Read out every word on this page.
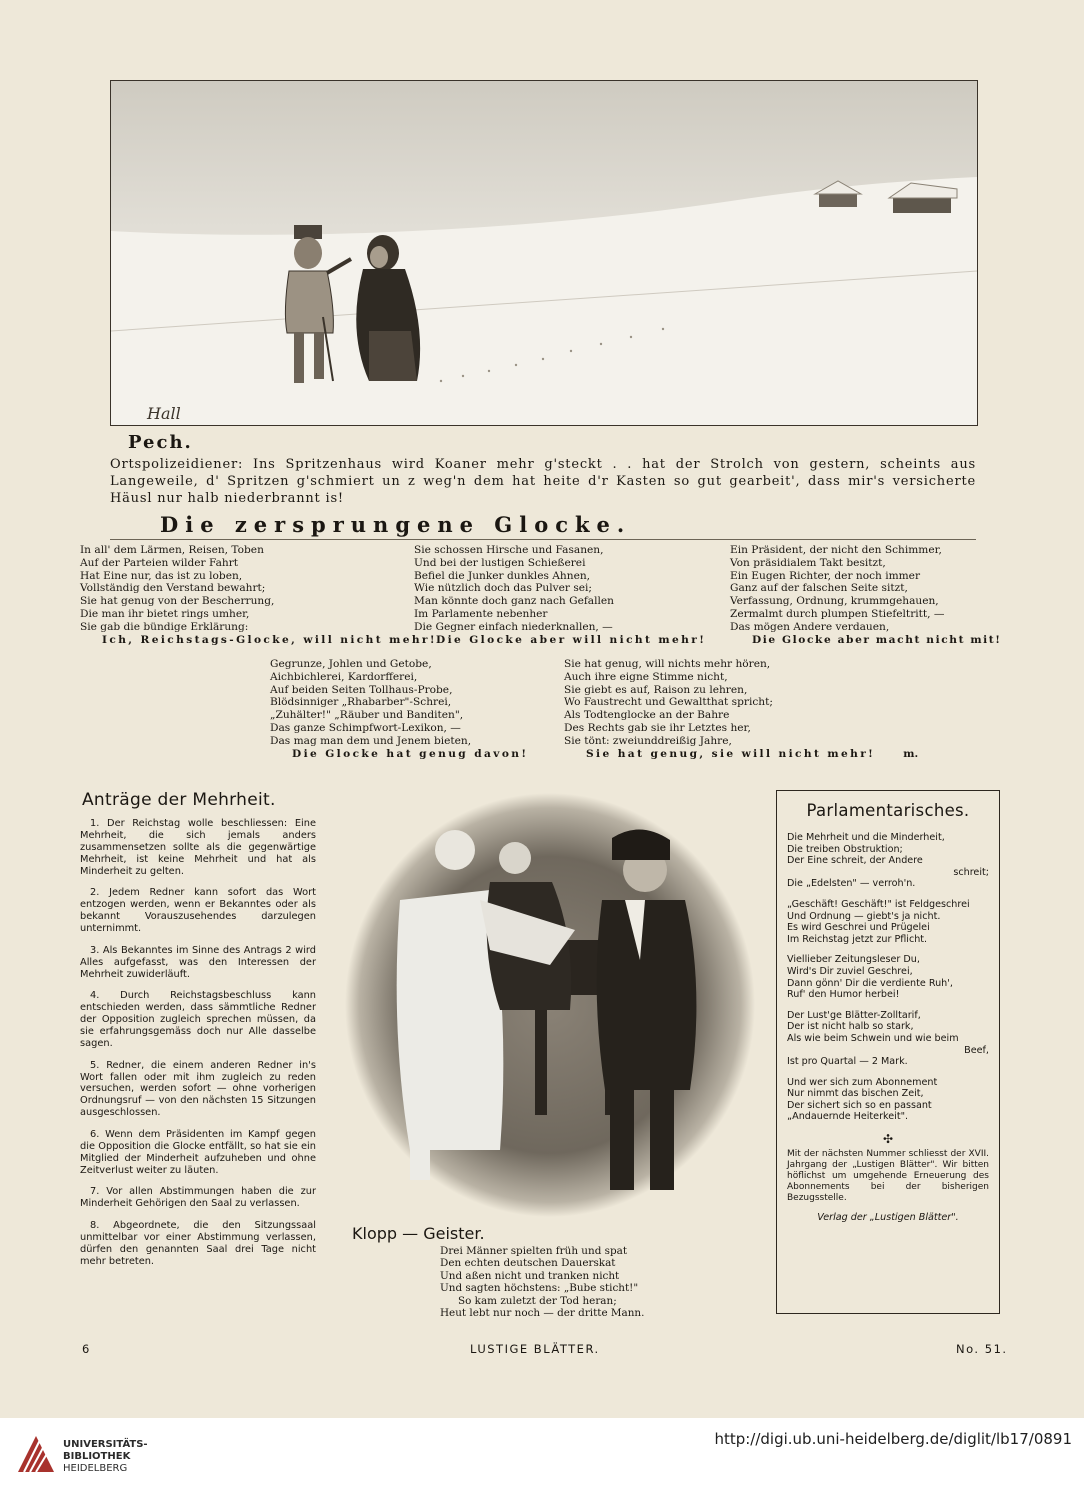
Hall
Pech.
Ortspolizeidiener: Ins Spritzenhaus wird Koaner mehr g'steckt . . hat der Strolch von gestern, scheints aus Langeweile, d' Spritzen g'schmiert un z weg'n dem hat heite d'r Kasten so gut gearbeit', dass mir's versicherte Häusl nur halb niederbrannt is!
Die zersprungene Glocke.
In all' dem Lärmen, Reisen, Toben
Auf der Parteien wilder Fahrt
Hat Eine nur, das ist zu loben,
Vollständig den Verstand bewahrt;
Sie hat genug von der Bescherrung,
Die man ihr bietet rings umher,
Sie gab die bündige Erklärung:
Ich, Reichstags-Glocke, will nicht mehr!
Sie schossen Hirsche und Fasanen,
Und bei der lustigen Schießerei
Befiel die Junker dunkles Ahnen,
Wie nützlich doch das Pulver sei;
Man könnte doch ganz nach Gefallen
Im Parlamente nebenher
Die Gegner einfach niederknallen, —
Die Glocke aber will nicht mehr!
Ein Präsident, der nicht den Schimmer,
Von präsidialem Takt besitzt,
Ein Eugen Richter, der noch immer
Ganz auf der falschen Seite sitzt,
Verfassung, Ordnung, krummgehauen,
Zermalmt durch plumpen Stiefeltritt, —
Das mögen Andere verdauen,
Die Glocke aber macht nicht mit!
Gegrunze, Johlen und Getobe,
Aichbichlerei, Kardorfferei,
Auf beiden Seiten Tollhaus-Probe,
Blödsinniger „Rhabarber"-Schrei,
„Zuhälter!" „Räuber und Banditen",
Das ganze Schimpfwort-Lexikon, —
Das mag man dem und Jenem bieten,
Die Glocke hat genug davon!
Sie hat genug, will nichts mehr hören,
Auch ihre eigne Stimme nicht,
Sie giebt es auf, Raison zu lehren,
Wo Faustrecht und Gewaltthat spricht;
Als Todtenglocke an der Bahre
Des Rechts gab sie ihr Letztes her,
Sie tönt: zweiunddreißig Jahre,
Sie hat genug, sie will nicht mehr!	m.
Anträge der Mehrheit.

1. Der Reichstag wolle beschliessen: Eine Mehrheit, die sich jemals anders zusammensetzen sollte als die gegenwärtige Mehrheit, ist keine Mehrheit und hat als Minderheit zu gelten.

2. Jedem Redner kann sofort das Wort entzogen werden, wenn er Bekanntes oder als bekannt Vorauszusehendes darzulegen unternimmt.

3. Als Bekanntes im Sinne des Antrags 2 wird Alles aufgefasst, was den Interessen der Mehrheit zuwiderläuft.

4. Durch Reichstagsbeschluss kann entschieden werden, dass sämmtliche Redner der Opposition zugleich sprechen müssen, da sie erfahrungsgemäss doch nur Alle dasselbe sagen.

5. Redner, die einem anderen Redner in's Wort fallen oder mit ihm zugleich zu reden versuchen, werden sofort — ohne vorherigen Ordnungsruf — von den nächsten 15 Sitzungen ausgeschlossen.

6. Wenn dem Präsidenten im Kampf gegen die Opposition die Glocke entfällt, so hat sie ein Mitglied der Minderheit aufzuheben und ohne Zeitverlust weiter zu läuten.

7. Vor allen Abstimmungen haben die zur Minderheit Gehörigen den Saal zu verlassen.

8. Abgeordnete, die den Sitzungssaal unmittelbar vor einer Abstimmung verlassen, dürfen den genannten Saal drei Tage nicht mehr betreten.

Klopp — Geister.
Drei Männer spielten früh und spat
Den echten deutschen Dauerskat
Und aßen nicht und tranken nicht
Und sagten höchstens: „Bube sticht!"
So kam zuletzt der Tod heran;
Heut lebt nur noch — der dritte Mann.
Parlamentarisches.
Die Mehrheit und die Minderheit,
Die treiben Obstruktion;
Der Eine schreit, der Andere
schreit;
Die „Edelsten" — verroh'n.
„Geschäft! Geschäft!" ist Feldgeschrei
Und Ordnung — giebt's ja nicht.
Es wird Geschrei und Prügelei
Im Reichstag jetzt zur Pflicht.
Viellieber Zeitungsleser Du,
Wird's Dir zuviel Geschrei,
Dann gönn' Dir die verdiente Ruh',
Ruf' den Humor herbei!
Der Lust'ge Blätter-Zolltarif,
Der ist nicht halb so stark,
Als wie beim Schwein und wie beim
Beef,
Ist pro Quartal — 2 Mark.
Und wer sich zum Abonnement
Nur nimmt das bischen Zeit,
Der sichert sich so en passant
„Andauernde Heiterkeit".
✣
Mit der nächsten Nummer schliesst der XVII. Jahrgang der „Lustigen Blätter". Wir bitten höflichst um umgehende Erneuerung des Abonnements bei der bisherigen Bezugsstelle.
Verlag der „Lustigen Blätter".
6	LUSTIGE BLÄTTER.	No. 51.
UNIVERSITÄTS-
BIBLIOTHEK
HEIDELBERG
http://digi.ub.uni-heidelberg.de/diglit/lb17/0891
